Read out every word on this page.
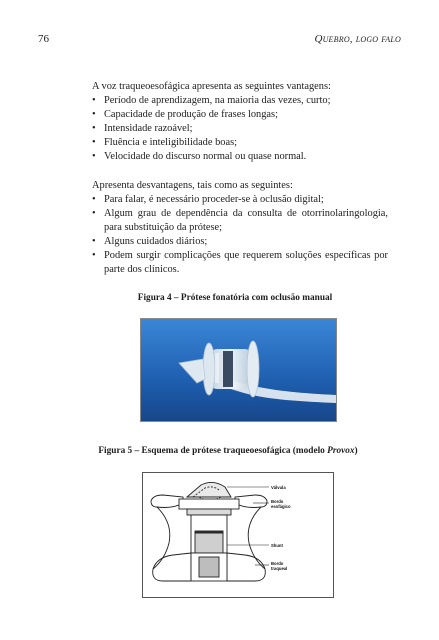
76	Quebro, logo falo

A voz traqueoesofágica apresenta as seguintes vantagens:

• Período de aprendizagem, na maioria das vezes, curto;
• Capacidade de produção de frases longas;
• Intensidade razoável;
• Fluência e inteligibilidade boas;
• Velocidade do discurso normal ou quase normal.

Apresenta desvantagens, tais como as seguintes:

• Para falar, é necessário proceder-se à oclusão digital;
• Algum grau de dependência da consulta de otorrinolaringologia, para substituição da prótese;
• Alguns cuidados diários;
• Podem surgir complicações que requerem soluções específicas por parte dos clínicos.
Figura 4 – Prótese fonatória com oclusão manual
Figura 5 – Esquema de prótese traqueoesofágica (modelo Provox)
Válvula
Bordo
esofágico
Shunt
Bordo
traqueal
